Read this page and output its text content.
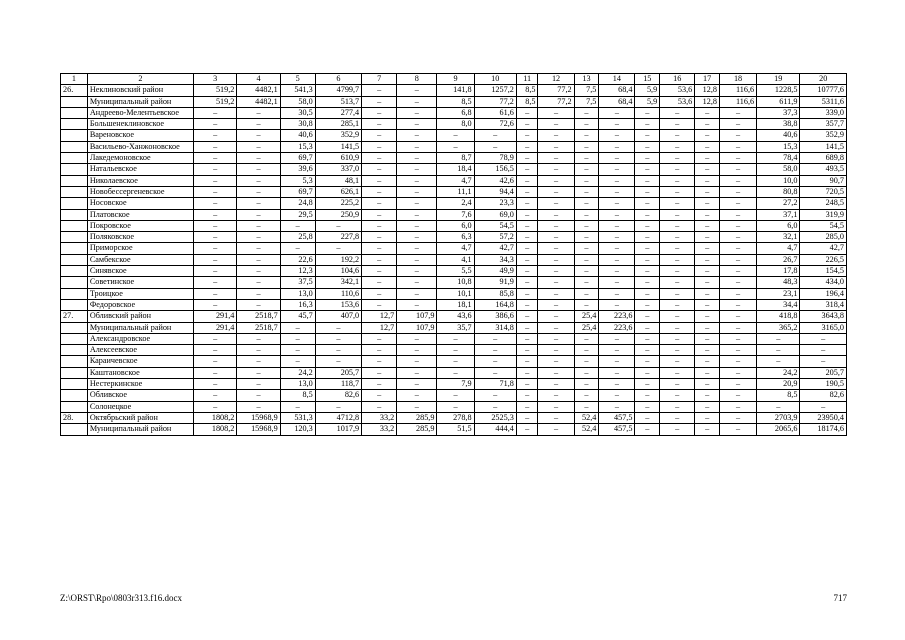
1	2	3	4	5	6	7	8	9	10	11	12	13	14	15	16	17	18	19	20
26.	Неклиновский район	519,2	4482,1	541,3	4799,7	–	–	141,8	1257,2	8,5	77,2	7,5	68,4	5,9	53,6	12,8	116,6	1228,5	10777,6
	Муниципальный район	519,2	4482,1	58,0	513,7	–	–	8,5	77,2	8,5	77,2	7,5	68,4	5,9	53,6	12,8	116,6	611,9	5311,6
	Андреево-Мелентьевское	–	–	30,5	277,4	–	–	6,8	61,6	–	–	–	–	–	–	–	–	37,3	339,0
	Большенеклиновское	–	–	30,8	285,1	–	–	8,0	72,6	–	–	–	–	–	–	–	–	38,8	357,7
	Вареновское	–	–	40,6	352,9	–	–	–	–	–	–	–	–	–	–	–	–	40,6	352,9
	Васильево-Ханжоновское	–	–	15,3	141,5	–	–	–	–	–	–	–	–	–	–	–	–	15,3	141,5
	Лакедемоновское	–	–	69,7	610,9	–	–	8,7	78,9	–	–	–	–	–	–	–	–	78,4	689,8
	Натальевское	–	–	39,6	337,0	–	–	18,4	156,5	–	–	–	–	–	–	–	–	58,0	493,5
	Николаевское	–	–	5,3	48,1	–	–	4,7	42,6	–	–	–	–	–	–	–	–	10,0	90,7
	Новобессергеневское	–	–	69,7	626,1	–	–	11,1	94,4	–	–	–	–	–	–	–	–	80,8	720,5
	Носовское	–	–	24,8	225,2	–	–	2,4	23,3	–	–	–	–	–	–	–	–	27,2	248,5
	Платовское	–	–	29,5	250,9	–	–	7,6	69,0	–	–	–	–	–	–	–	–	37,1	319,9
	Покровское	–	–	–	–	–	–	6,0	54,5	–	–	–	–	–	–	–	–	6,0	54,5
	Поляковское	–	–	25,8	227,8	–	–	6,3	57,2	–	–	–	–	–	–	–	–	32,1	285,0
	Приморское	–	–	–	–	–	–	4,7	42,7	–	–	–	–	–	–	–	–	4,7	42,7
	Самбекское	–	–	22,6	192,2	–	–	4,1	34,3	–	–	–	–	–	–	–	–	26,7	226,5
	Синявское	–	–	12,3	104,6	–	–	5,5	49,9	–	–	–	–	–	–	–	–	17,8	154,5
	Советинское	–	–	37,5	342,1	–	–	10,8	91,9	–	–	–	–	–	–	–	–	48,3	434,0
	Троицкое	–	–	13,0	110,6	–	–	10,1	85,8	–	–	–	–	–	–	–	–	23,1	196,4
	Федоровское	–	–	16,3	153,6	–	–	18,1	164,8	–	–	–	–	–	–	–	–	34,4	318,4
27.	Обливский район	291,4	2518,7	45,7	407,0	12,7	107,9	43,6	386,6	–	–	25,4	223,6	–	–	–	–	418,8	3643,8
	Муниципальный район	291,4	2518,7	–	–	12,7	107,9	35,7	314,8	–	–	25,4	223,6	–	–	–	–	365,2	3165,0
	Александровское	–	–	–	–	–	–	–	–	–	–	–	–	–	–	–	–	–	–
	Алексеевское	–	–	–	–	–	–	–	–	–	–	–	–	–	–	–	–	–	–
	Караичевское	–	–	–	–	–	–	–	–	–	–	–	–	–	–	–	–	–	–
	Каштановское	–	–	24,2	205,7	–	–	–	–	–	–	–	–	–	–	–	–	24,2	205,7
	Нестеркинское	–	–	13,0	118,7	–	–	7,9	71,8	–	–	–	–	–	–	–	–	20,9	190,5
	Обливское	–	–	8,5	82,6	–	–	–	–	–	–	–	–	–	–	–	–	8,5	82,6
	Солонецкое	–	–	–	–	–	–	–	–	–	–	–	–	–	–	–	–	–	–
28.	Октябрьский район	1808,2	15968,9	531,3	4712,8	33,2	285,9	278,8	2525,3	–	–	52,4	457,5	–	–	–	–	2703,9	23950,4
	Муниципальный район	1808,2	15968,9	120,3	1017,9	33,2	285,9	51,5	444,4	–	–	52,4	457,5	–	–	–	–	2065,6	18174,6
Z:\ORST\Rpo\0803r313.f16.docx	717
